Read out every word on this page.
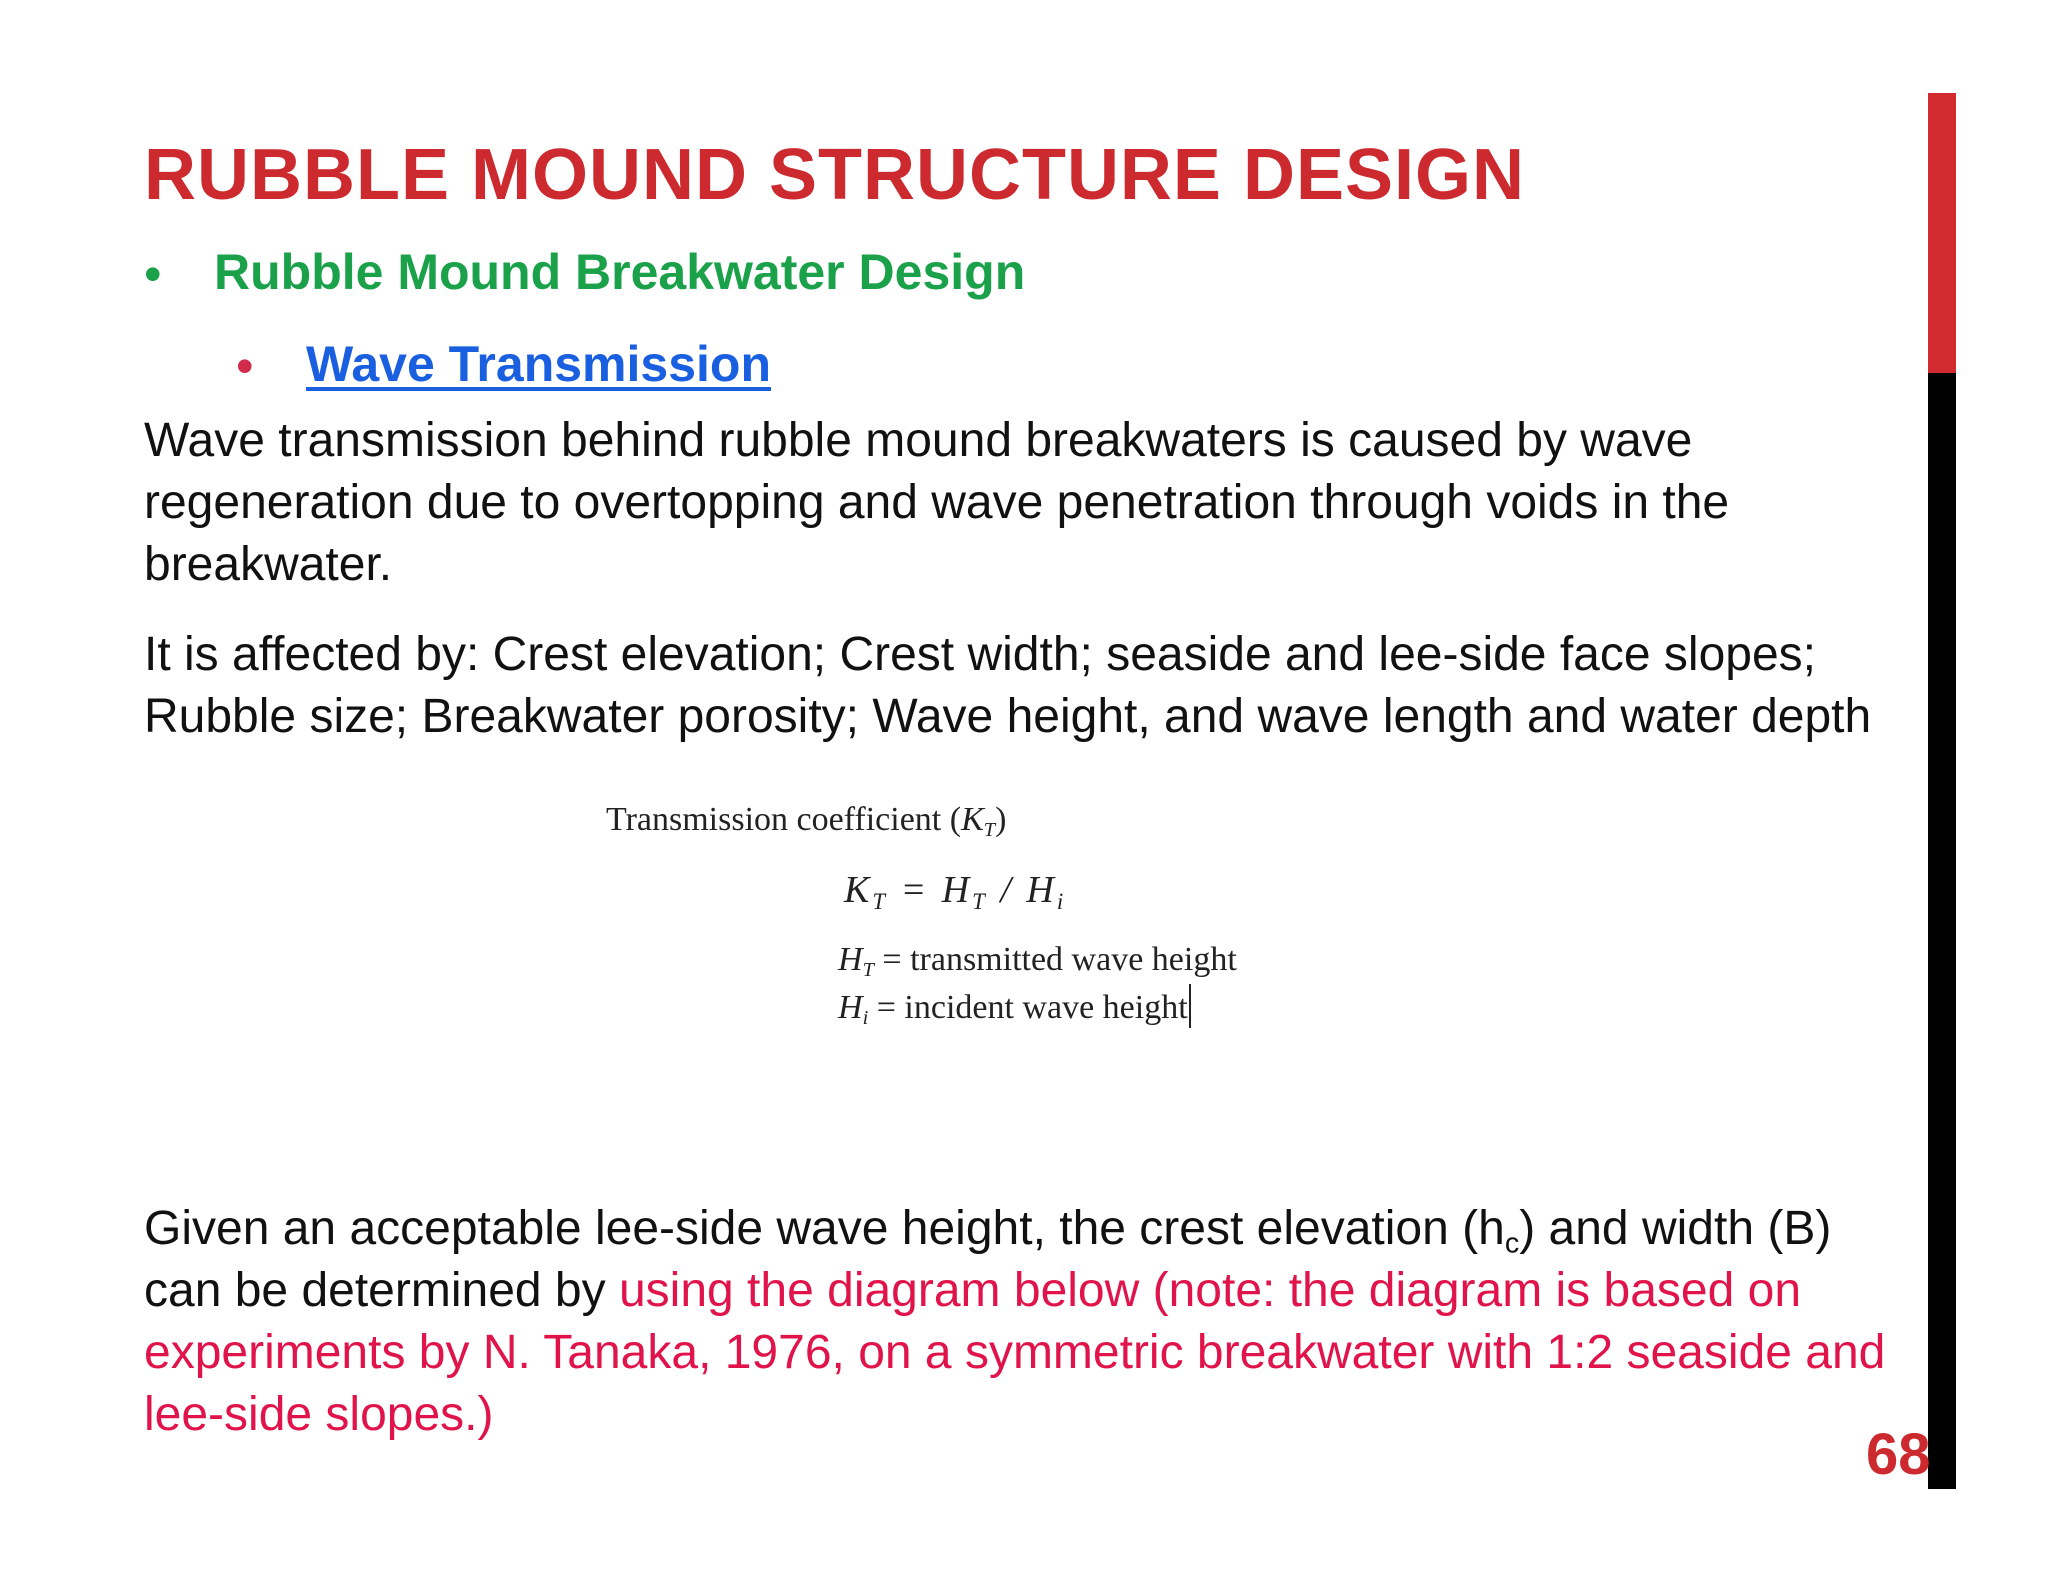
RUBBLE MOUND STRUCTURE DESIGN
• Rubble Mound Breakwater Design
• Wave Transmission

Wave transmission behind rubble mound breakwaters is caused by wave regeneration due to overtopping and wave penetration through voids in the breakwater.

It is affected by: Crest elevation; Crest width; seaside and lee-side face slopes; Rubble size; Breakwater porosity; Wave height, and wave length and water depth

Transmission coefficient $(K_T)$
$K_T = H_T / H_i$
$H_T$ = transmitted wave height
$H_i$ = incident wave height

Given an acceptable lee-side wave height, the crest elevation $(h_c)$ and width (B) can be determined by using the diagram below (note: the diagram is based on experiments by N. Tanaka, 1976, on a symmetric breakwater with 1:2 seaside and lee-side slopes.)

68
